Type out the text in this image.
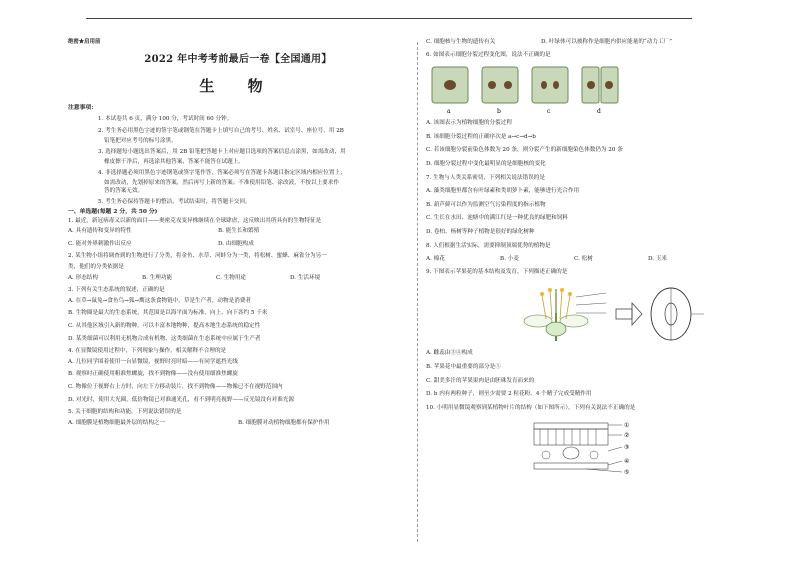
绝密★启用前
2022 年中考考前最后一卷【全国通用】
生 物
注意事项:
1. 本试卷共 6 页，满分 100 分，考试时间 60 分钟。
2. 考生务必用黑色字迹的签字笔或钢笔在答题卡上填写自己的考号、姓名、试室号、座位号，用 2B
铅笔把对应考号的标号涂黑。
3. 选择题每小题选出答案后，用 2B 铅笔把答题卡上对应题目选项的答案信息点涂黑，如需改动，用
橡皮擦干净后，再选涂其他答案，答案不能答在试题上。
4. 非选择题必须用黑色字迹钢笔或签字笔作答，答案必须写在答题卡各题目指定区域内相应位置上；
如需改动，先划掉原来的答案，然后再写上新的答案；不准使用铅笔、涂改液，不按以上要求作
答的答案无效。
5. 考生务必保持答题卡的整洁，考试结束时，将答题卡交回。
一、单选题(每题 2 分，共 50 分)
1. 最近，新冠病毒又以新的面目——奥密克戎变异株继续在全球肆虐，这反映出其所具有的生物特征是
A. 具有遗传和变异的特性	B. 能生长和繁殖
C. 能对外界刺激作出反应	D. 由细胞构成
2. 某生物小组将调查到的生物进行了分类，将金鱼、水草、河蚌分为一类，将松树、蜜蜂、麻雀分为另一
类，他们的分类依据是
A. 形态结构	B. 生理功能	C. 生物用途	D. 生活环境
3. 下列有关生态系统的叙述，正确的是
A. 在草→鼠兔→食鱼鸟→狐→鹰这条食物链中，草是生产者，动物是消费者
B. 生物圈是最大的生态系统，其范围是以海平面为标准，向上、向下各约 5 千米
C. 从其他区域引入新的物种，可以丰富本地物种，提高本地生态系统的稳定性
D. 某类细菌可以利用无机物合成有机物，这类细菌在生态系统中应属于生产者
4. 在显微镜使用过程中，下列现象与操作，相关解释不合理的是
A. 几位同学围着使用一台显微镜，视野时亮时暗——有同学遮挡光线
B. 观察时正确使用粗准焦螺旋，找不到物像——没有使用细准焦螺旋
C. 物像位于视野右上方时，向左下方移动装片，找不到物像——物像已不在视野范围内
D. 对光时，使用大光圈，低倍物镜已对准通光孔，看不到明亮视野——反光镜没有对准光源
5. 关于细胞的结构和功能，下列说法错误的是
A. 细胞膜是植物细胞最外层的结构之一	B. 细胞膜对动植物细胞都有保护作用
C. 细胞核与生物的遗传有关	D. 叶绿体可以被称作是细胞内供应能量的“动力工厂”
6. 如图表示细胞分裂过程变化图，说法不正确的是
a	b	c	d
A. 该图表示为植物细胞的分裂过程
B. 该细胞分裂过程的正确序次是 a→c→d→b
C. 若该细胞分裂前染色体数为 20 条，则分裂产生的新细胞染色体数仍为 20 条
D. 细胞分裂过程中变化最明显的是细胞核的变化
7. 生物与人类关系密切，下列相关说法错误的是
A. 藻类细胞里都含有叶绿素和类胡萝卜素，能够进行光合作用
B. 葫芦藓可以作为监测空气污染程度的指示植物
C. 生长在水田、池塘中的满江红是一种优良的绿肥和饲料
D. 卷柏、杨树等种子植物是很好的绿化树种
8. 人们根据生活实际，需要抑制顶端优势的植物是
A. 棉花	B. 小麦	C. 松树	D. 玉米
9. 下图表示苹果花的基本结构及发育，下列描述正确的是
A. 雌蕊由③④构成
B. 苹果花中最重要的部分是⑤
C. 甜美多汁的苹果果肉是由胚珠发育而来的
D. b 内有两粒种子，则至少需要 2 粒花粉、4 个精子完成受精作用
10. 小明用显微镜观察到某植物叶片的结构（如下图所示），下列有关说法不正确的是
①
②
③
④
⑤
